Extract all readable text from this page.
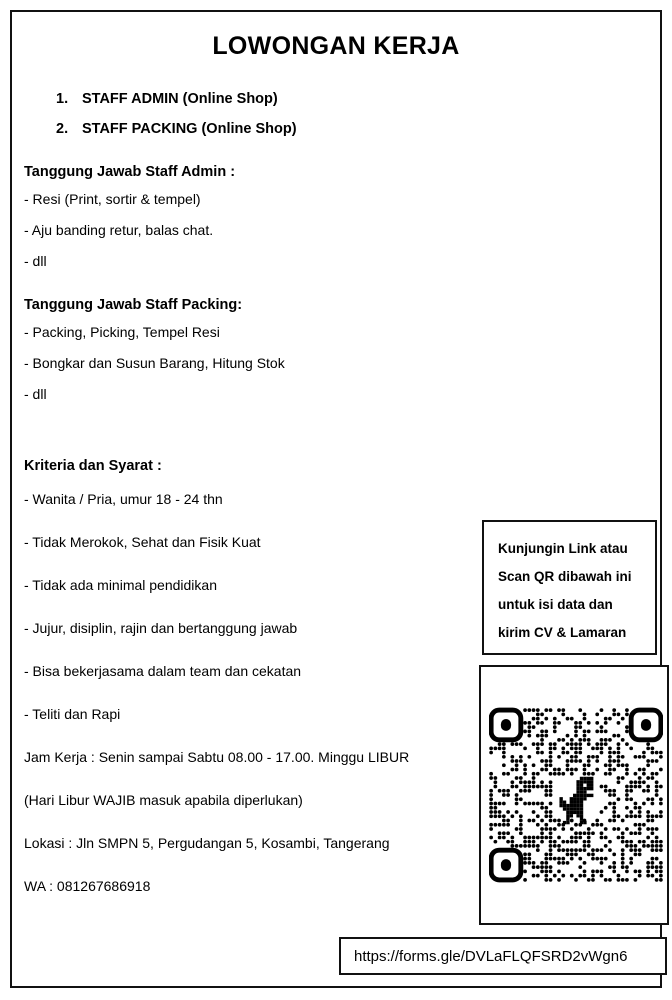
LOWONGAN KERJA
1. STAFF ADMIN (Online Shop)
2. STAFF PACKING (Online Shop)
Tanggung Jawab Staff Admin :
- Resi (Print, sortir & tempel)
- Aju banding retur, balas chat.
- dll
Tanggung Jawab Staff Packing:
- Packing, Picking, Tempel Resi
- Bongkar dan Susun Barang, Hitung Stok
- dll
Kriteria dan Syarat :
- Wanita / Pria, umur 18 - 24 thn
- Tidak Merokok, Sehat dan Fisik Kuat
- Tidak ada minimal pendidikan
- Jujur, disiplin, rajin dan bertanggung jawab
- Bisa bekerjasama dalam team dan cekatan
- Teliti dan Rapi
Jam Kerja : Senin sampai Sabtu 08.00 - 17.00. Minggu LIBUR
(Hari Libur WAJIB masuk apabila diperlukan)
Lokasi : Jln SMPN 5, Pergudangan 5, Kosambi, Tangerang
WA : 081267686918
Kunjungin Link atau
Scan QR dibawah ini
untuk isi data dan
kirim CV & Lamaran
https://forms.gle/DVLaFLQFSRD2vWgn6
